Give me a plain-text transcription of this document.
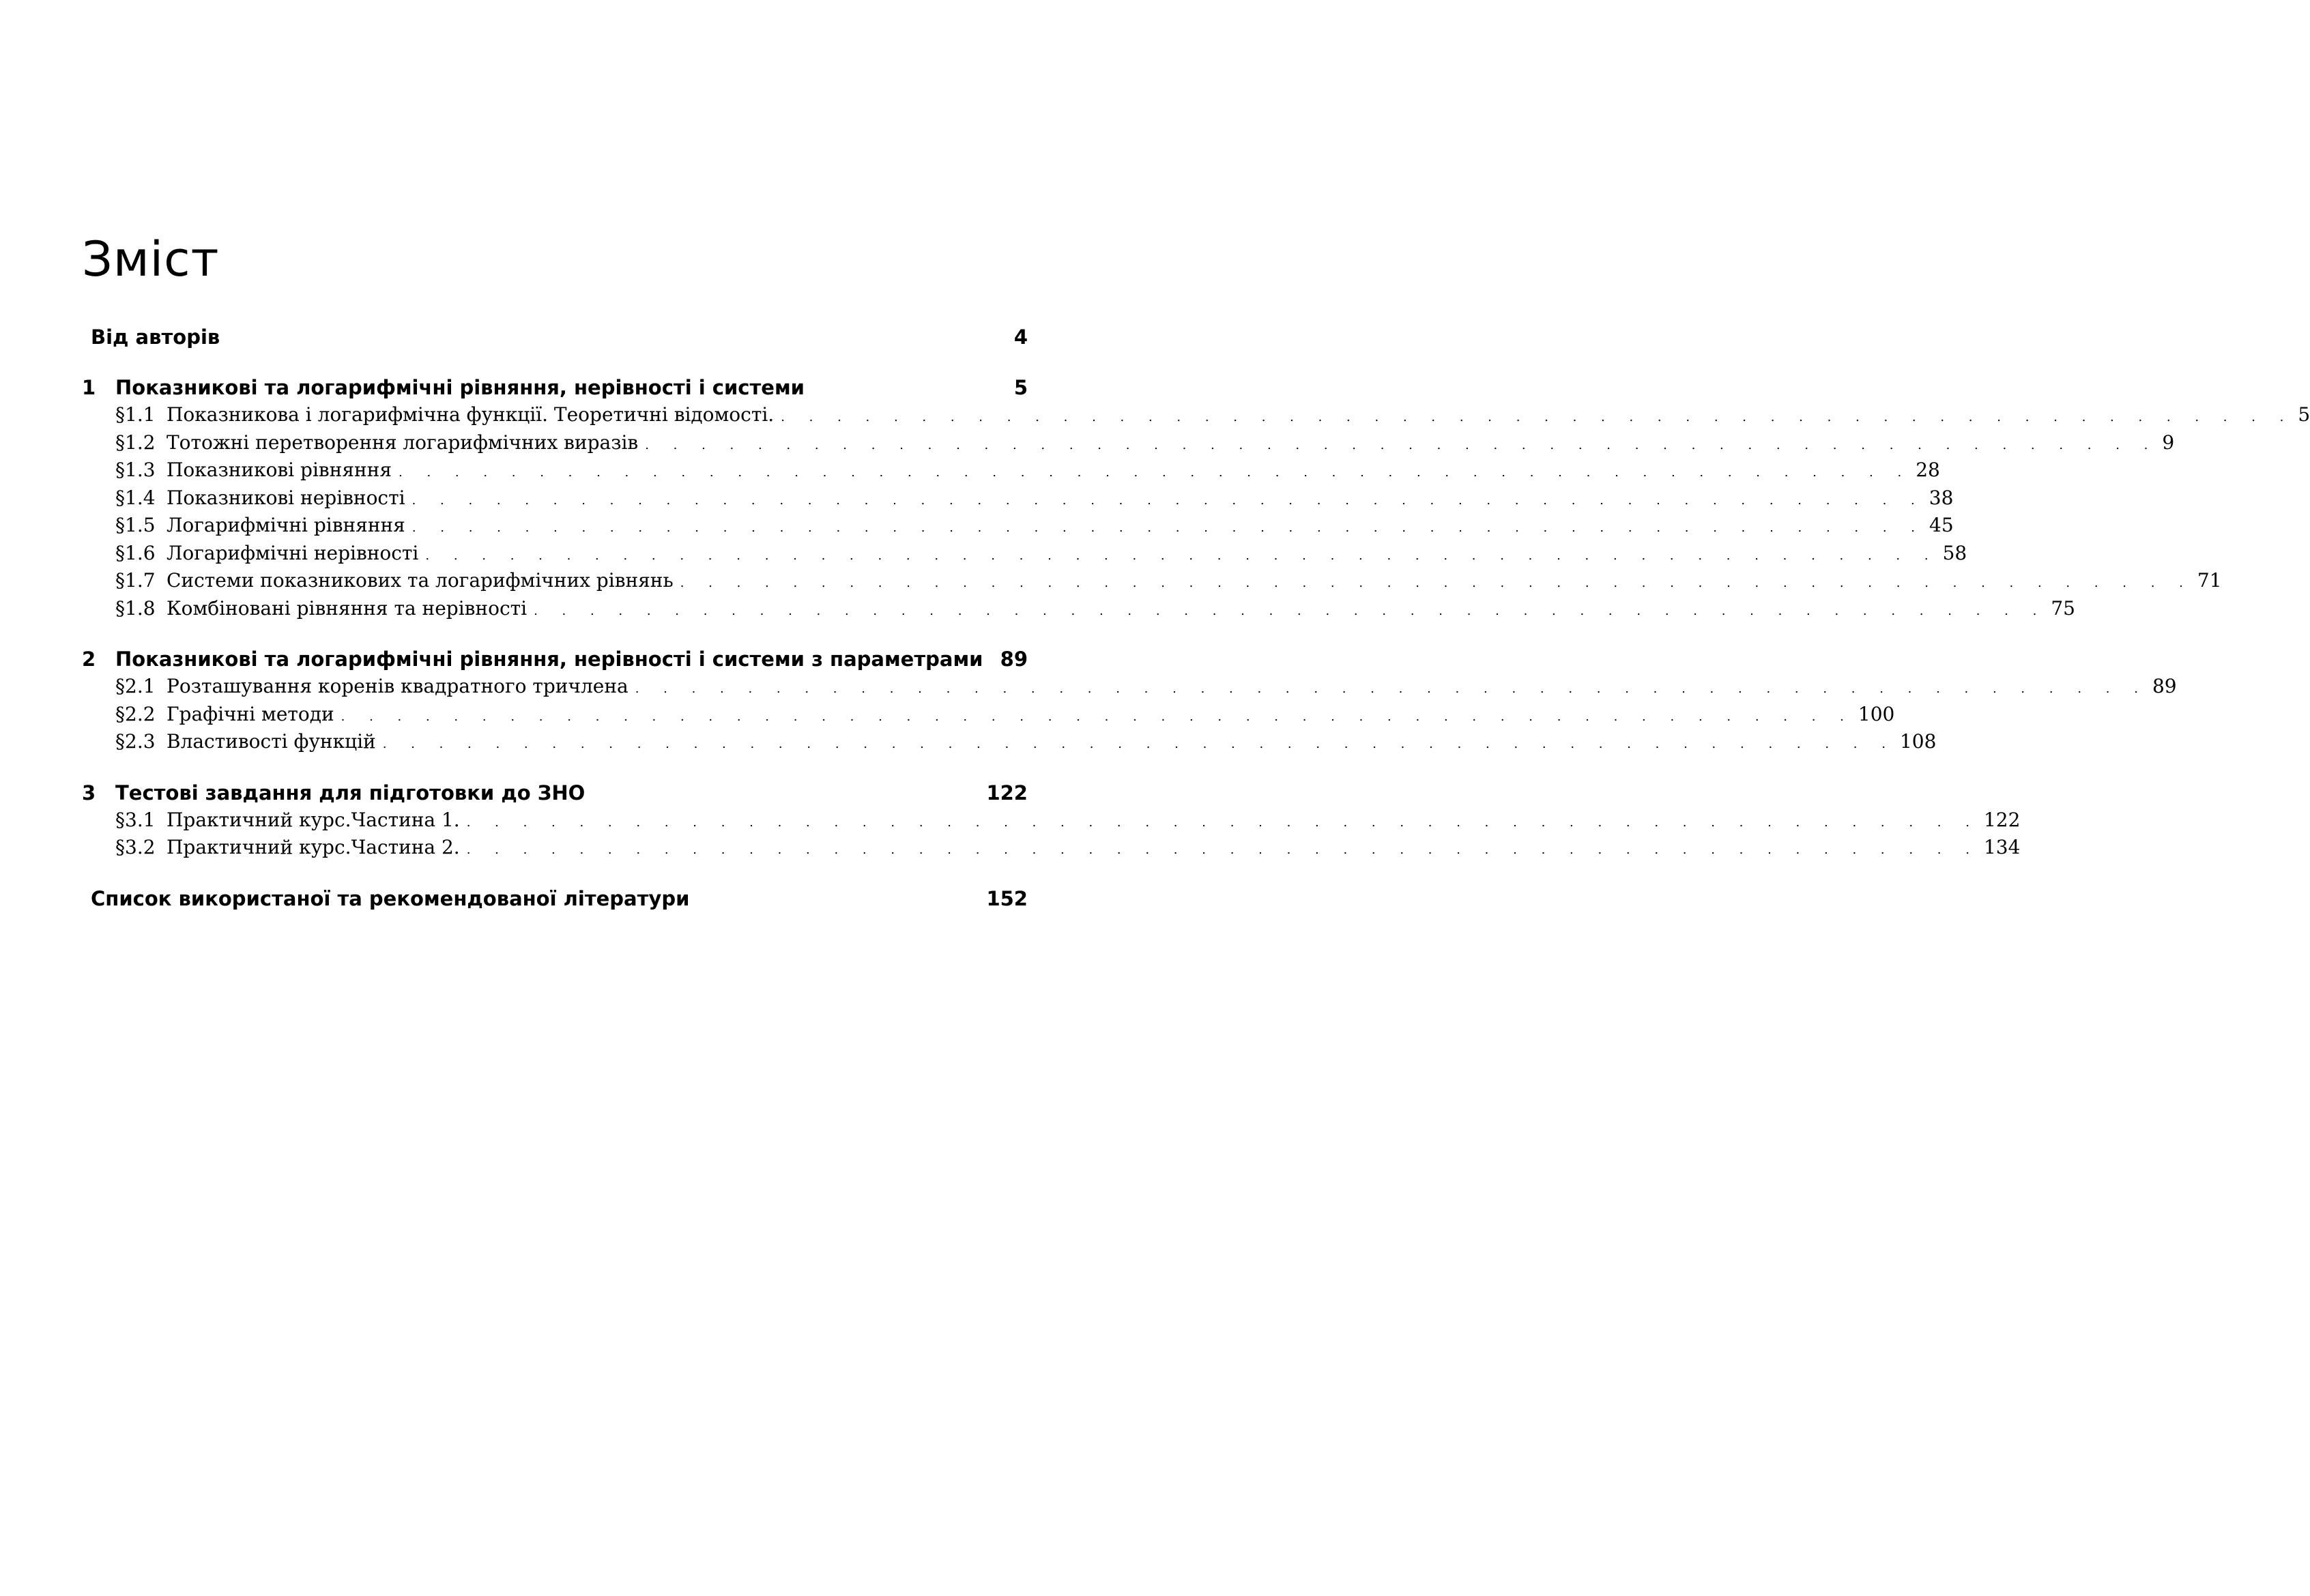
Зміст
Від авторів	4
1 Показникові та логарифмічні рівняння, нерівності і системи	5
§1.1 Показникова і логарифмічна функції. Теоретичні відомості. . . . . . . . . . . . . . . . . . . . . . . . . . . . . . . . . . . . . . . . . . . . . . . . . . . . . . . 5
§1.2 Тотожні перетворення логарифмічних виразів . . . . . . . . . . . . . . . . . . . . . . . . . . . . . . . . . . . . . . . . . . . . . . . . . . . . . . 9
§1.3 Показникові рівняння . . . . . . . . . . . . . . . . . . . . . . . . . . . . . . . . . . . . . . . . . . . . . . . . . . . . . . 28
§1.4 Показникові нерівності . . . . . . . . . . . . . . . . . . . . . . . . . . . . . . . . . . . . . . . . . . . . . . . . . . . . . . 38
§1.5 Логарифмічні рівняння . . . . . . . . . . . . . . . . . . . . . . . . . . . . . . . . . . . . . . . . . . . . . . . . . . . . . . 45
§1.6 Логарифмічні нерівності . . . . . . . . . . . . . . . . . . . . . . . . . . . . . . . . . . . . . . . . . . . . . . . . . . . . . . 58
§1.7 Системи показникових та логарифмічних рівнянь . . . . . . . . . . . . . . . . . . . . . . . . . . . . . . . . . . . . . . . . . . . . . . . . . . . . . . 71
§1.8 Комбіновані рівняння та нерівності . . . . . . . . . . . . . . . . . . . . . . . . . . . . . . . . . . . . . . . . . . . . . . . . . . . . . . 75
2 Показникові та логарифмічні рівняння, нерівності і системи з параметрами 89
§2.1 Розташування коренів квадратного тричлена . . . . . . . . . . . . . . . . . . . . . . . . . . . . . . . . . . . . . . . . . . . . . . . . . . . . . . 89
§2.2 Графічні методи . . . . . . . . . . . . . . . . . . . . . . . . . . . . . . . . . . . . . . . . . . . . . . . . . . . . . . 100
§2.3 Властивості функцій . . . . . . . . . . . . . . . . . . . . . . . . . . . . . . . . . . . . . . . . . . . . . . . . . . . . . . 108
3 Тестові завдання для підготовки до ЗНО	122
§3.1 Практичний курс.Частина 1. . . . . . . . . . . . . . . . . . . . . . . . . . . . . . . . . . . . . . . . . . . . . . . . . . . . . . . 122
§3.2 Практичний курс.Частина 2. . . . . . . . . . . . . . . . . . . . . . . . . . . . . . . . . . . . . . . . . . . . . . . . . . . . . . . 134
Список використаної та рекомендованої літератури	152
